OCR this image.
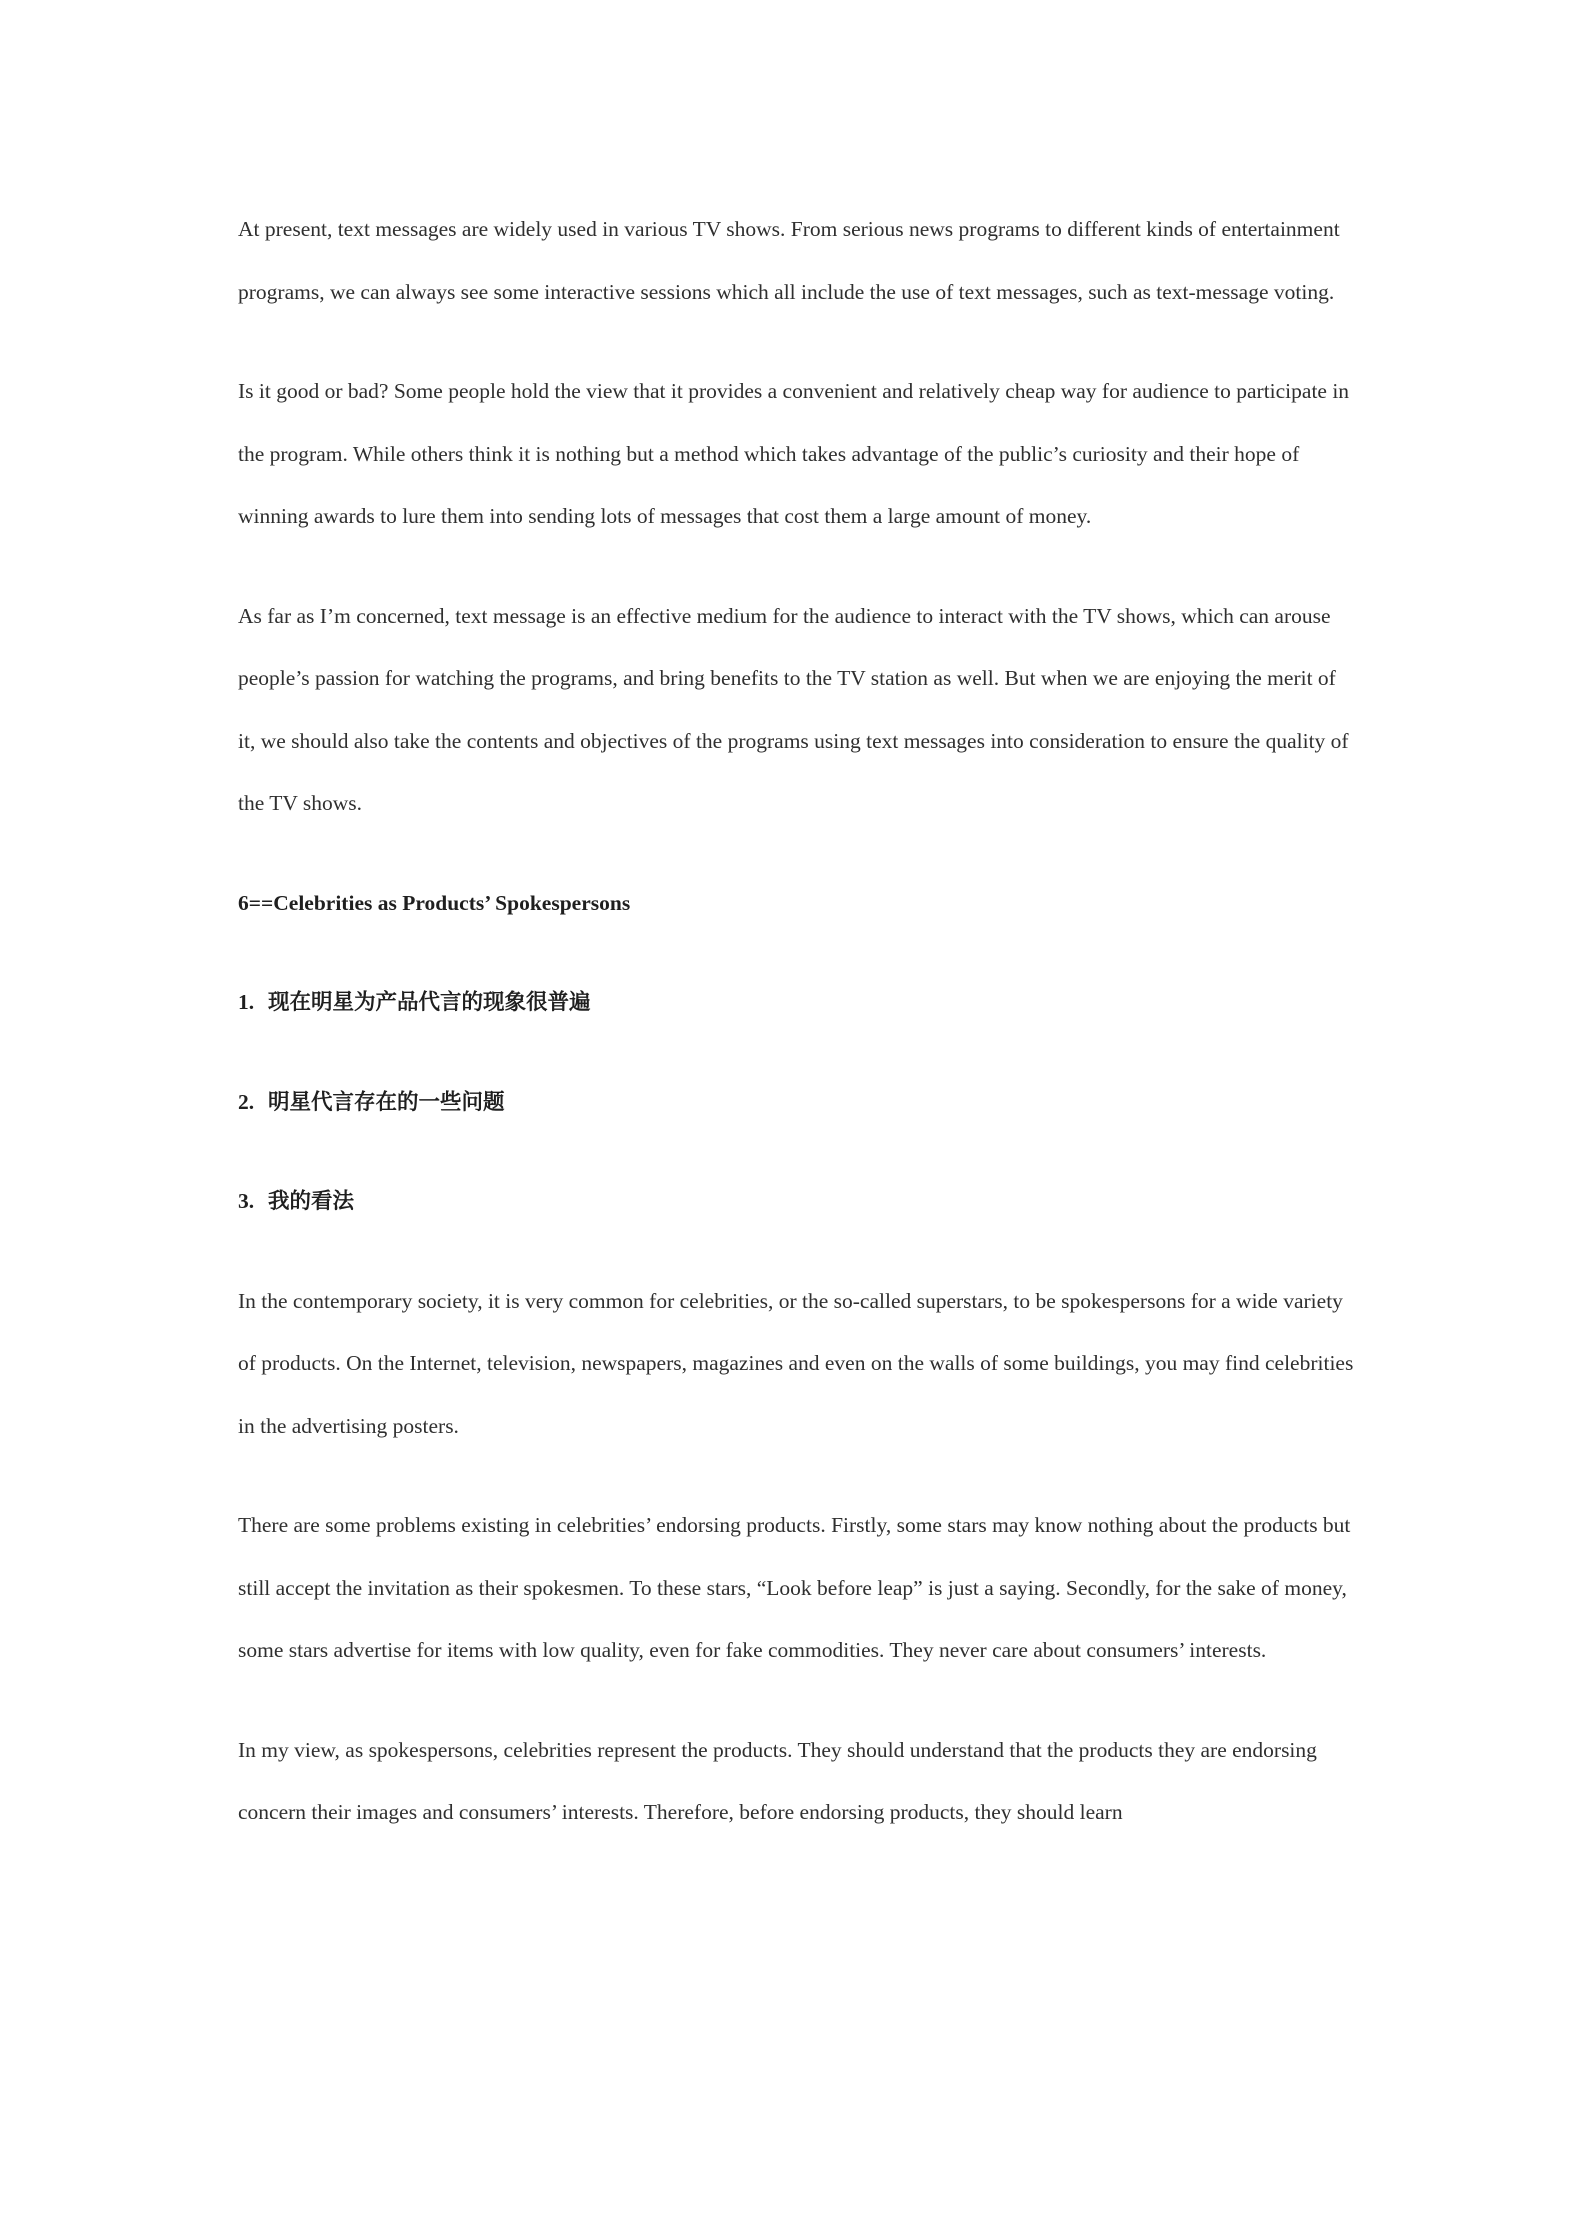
At present, text messages are widely used in various TV shows. From serious news programs to different kinds of entertainment programs, we can always see some interactive sessions which all include the use of text messages, such as text-message voting.

Is it good or bad? Some people hold the view that it provides a convenient and relatively cheap way for audience to participate in the program. While others think it is nothing but a method which takes advantage of the public’s curiosity and their hope of winning awards to lure them into sending lots of messages that cost them a large amount of money.

As far as I’m concerned, text message is an effective medium for the audience to interact with the TV shows, which can arouse people’s passion for watching the programs, and bring benefits to the TV station as well. But when we are enjoying the merit of it, we should also take the contents and objectives of the programs using text messages into consideration to ensure the quality of the TV shows.

6==Celebrities as Products’ Spokespersons

1. 现在明星为产品代言的现象很普遍

2. 明星代言存在的一些问题

3. 我的看法

In the contemporary society, it is very common for celebrities, or the so-called superstars, to be spokespersons for a wide variety of products. On the Internet, television, newspapers, magazines and even on the walls of some buildings, you may find celebrities in the advertising posters.

There are some problems existing in celebrities’ endorsing products. Firstly, some stars may know nothing about the products but still accept the invitation as their spokesmen. To these stars, “Look before leap” is just a saying. Secondly, for the sake of money, some stars advertise for items with low quality, even for fake commodities. They never care about consumers’ interests.

In my view, as spokespersons, celebrities represent the products. They should understand that the products they are endorsing concern their images and consumers’ interests. Therefore, before endorsing products, they should learn
